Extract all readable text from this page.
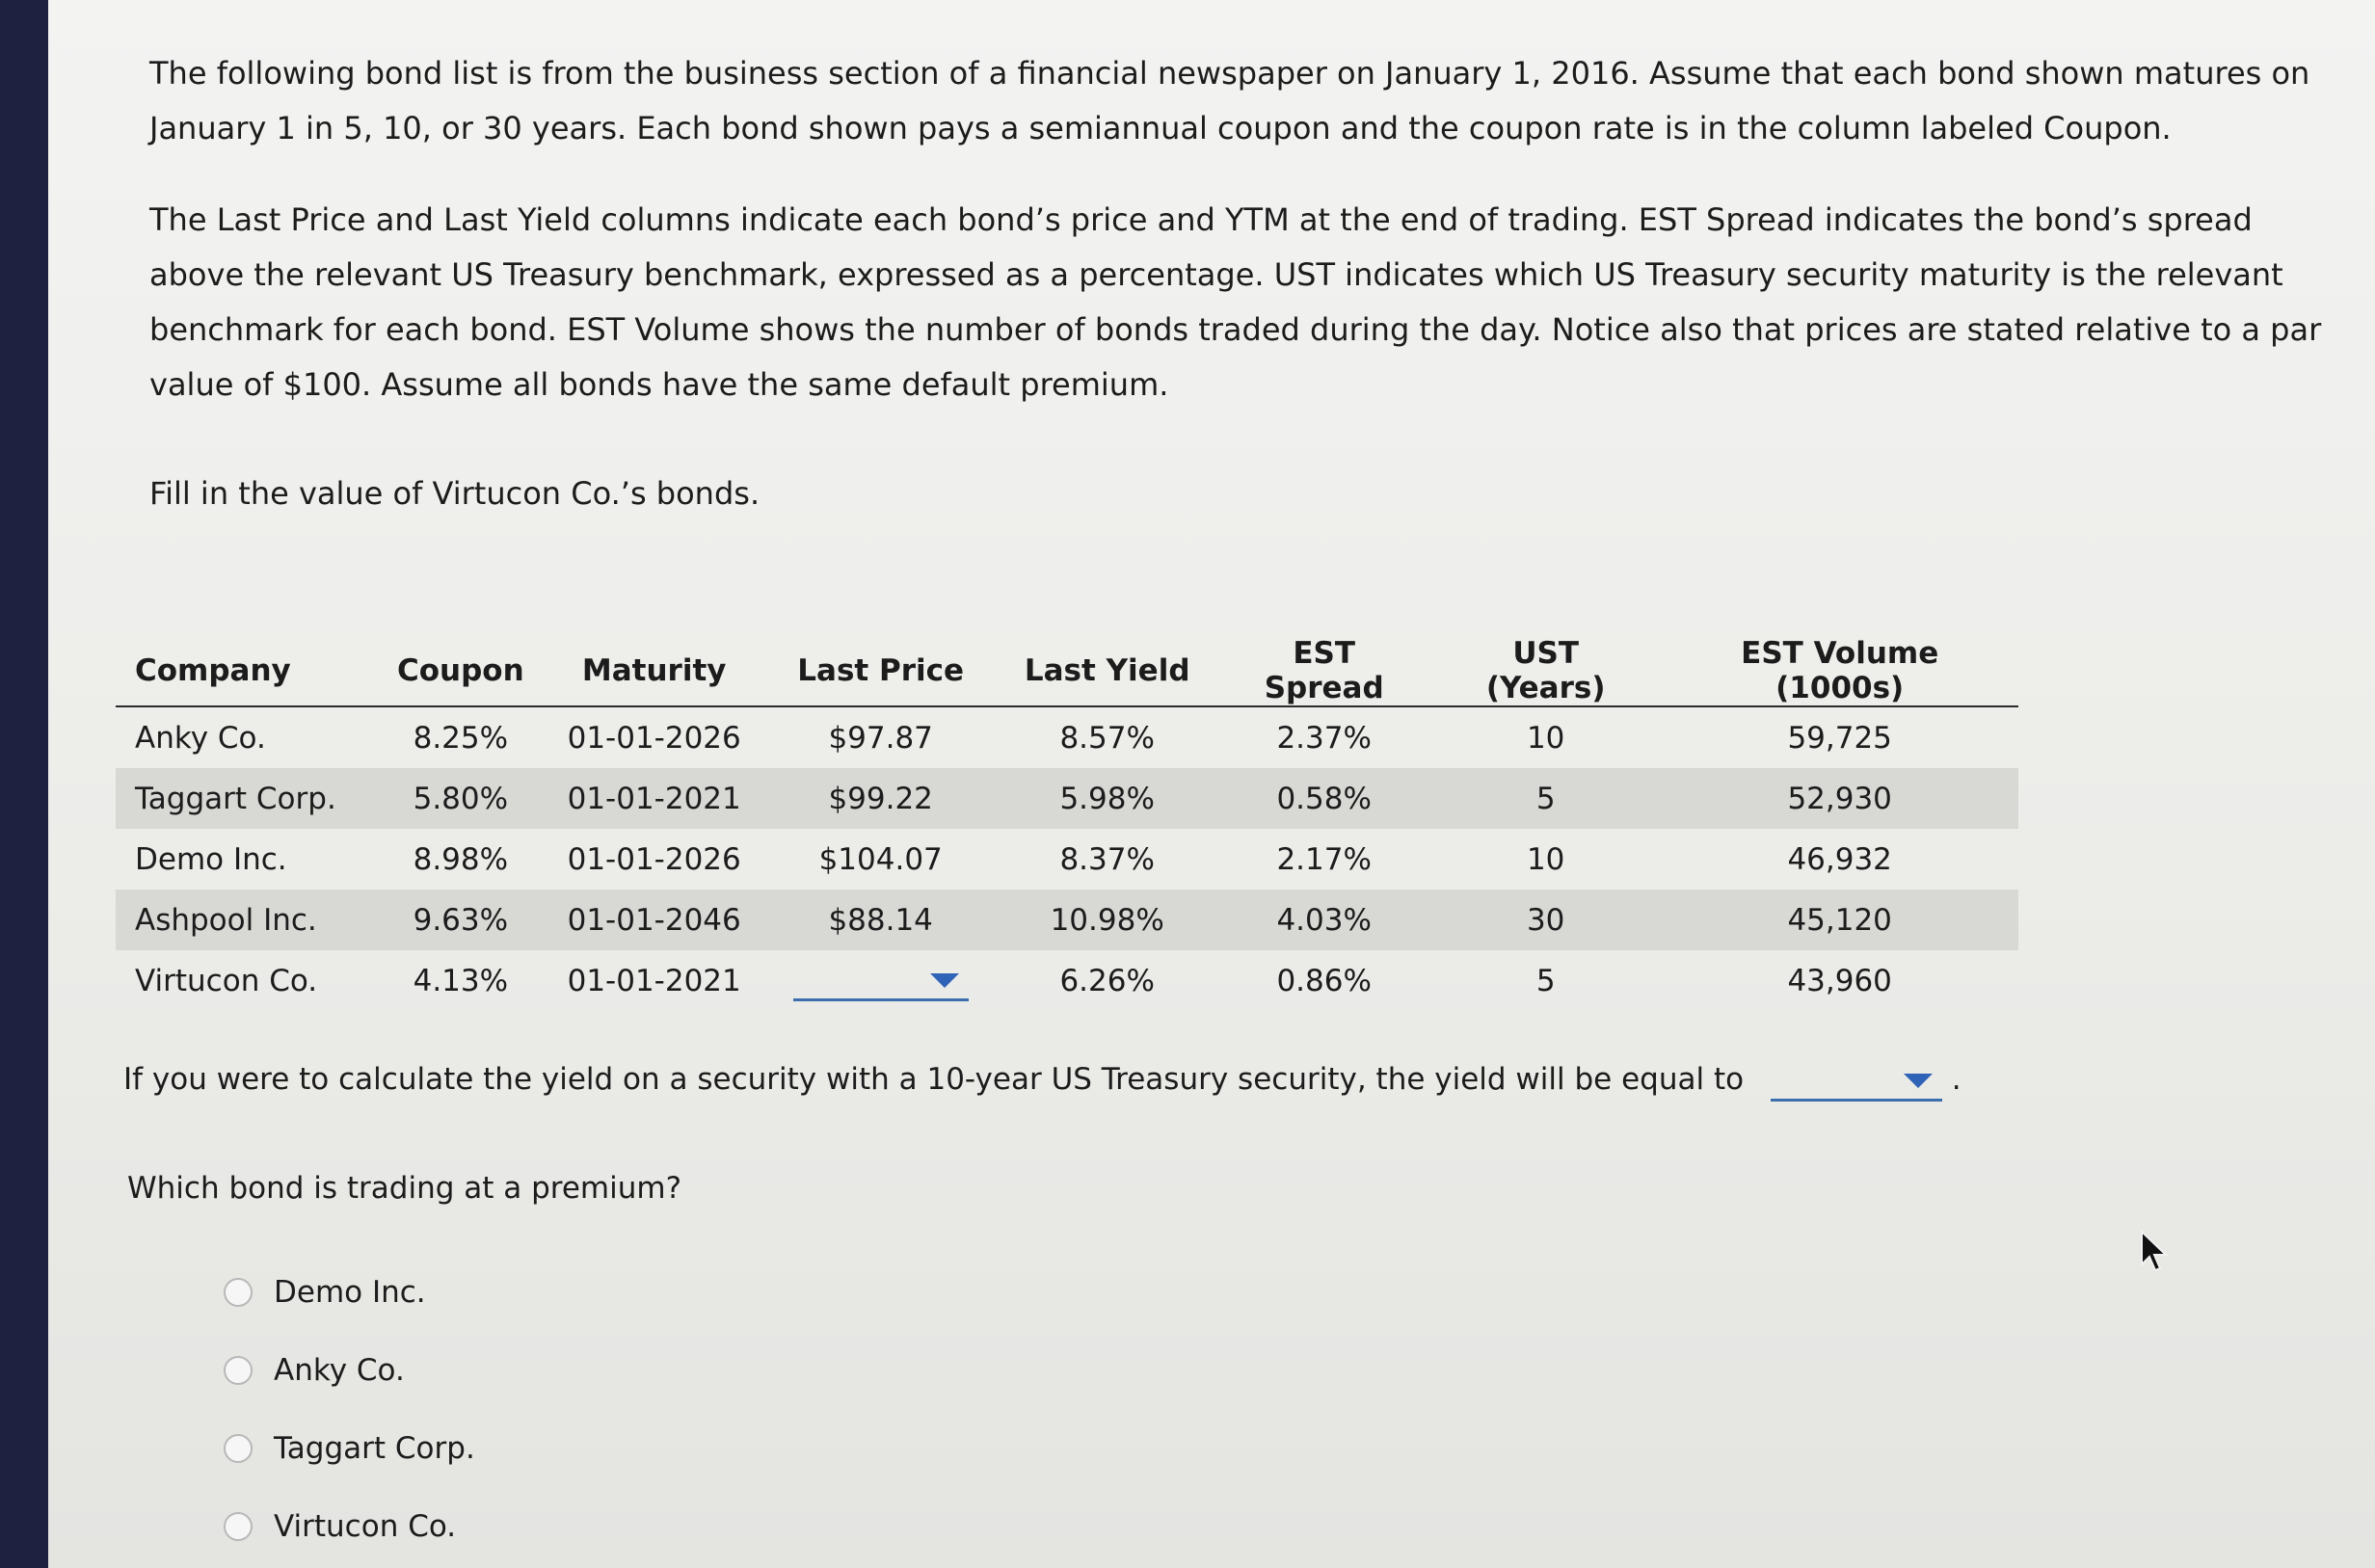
The following bond list is from the business section of a financial newspaper on January 1, 2016. Assume that each bond shown matures on January 1 in 5, 10, or 30 years. Each bond shown pays a semiannual coupon and the coupon rate is in the column labeled Coupon.

The Last Price and Last Yield columns indicate each bond’s price and YTM at the end of trading. EST Spread indicates the bond’s spread above the relevant US Treasury benchmark, expressed as a percentage. UST indicates which US Treasury security maturity is the relevant benchmark for each bond. EST Volume shows the number of bonds traded during the day. Notice also that prices are stated relative to a par value of $100. Assume all bonds have the same default premium.

Fill in the value of Virtucon Co.’s bonds.

Company	Coupon	Maturity	Last Price	Last Yield	EST Spread	UST (Years)	EST Volume (1000s)
Anky Co.	8.25%	01-01-2026	$97.87	8.57%	2.37%	10	59,725
Taggart Corp.	5.80%	01-01-2021	$99.22	5.98%	0.58%	5	52,930
Demo Inc.	8.98%	01-01-2026	$104.07	8.37%	2.17%	10	46,932
Ashpool Inc.	9.63%	01-01-2046	$88.14	10.98%	4.03%	30	45,120
Virtucon Co.	4.13%	01-01-2021		6.26%	0.86%	5	43,960
If you were to calculate the yield on a security with a 10-year US Treasury security, the yield will be equal to	.
Which bond is trading at a premium?
Demo Inc.
Anky Co.
Taggart Corp.
Virtucon Co.
